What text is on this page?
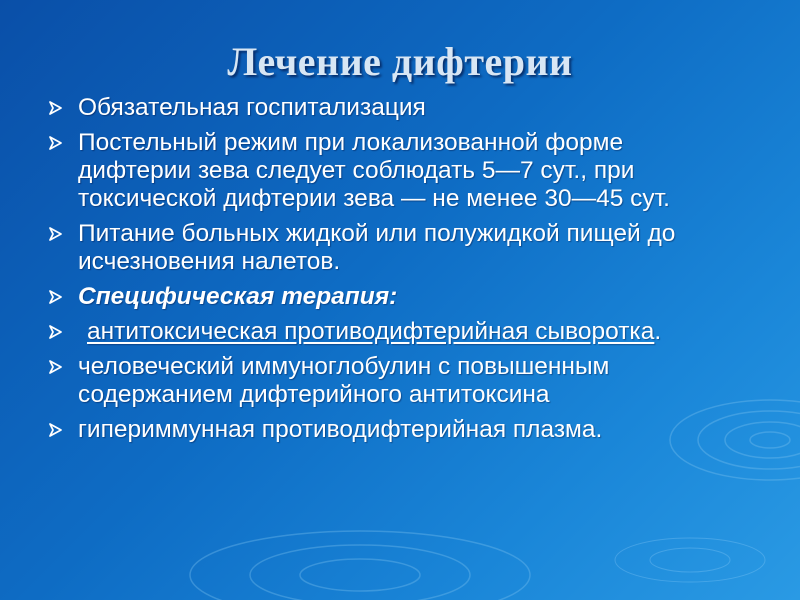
Лечение дифтерии
Обязательная госпитализация
Постельный режим при локализованной форме дифтерии зева следует соблюдать 5—7 сут., при токсической дифтерии зева — не менее 30—45 сут.
Питание больных жидкой или полужидкой пищей до исчезновения налетов.
Специфическая терапия:
антитоксическая противодифтерийная сыворотка.
человеческий иммуноглобулин с повышенным содержанием дифтерийного антитоксина
гипериммунная противодифтерийная плазма.
